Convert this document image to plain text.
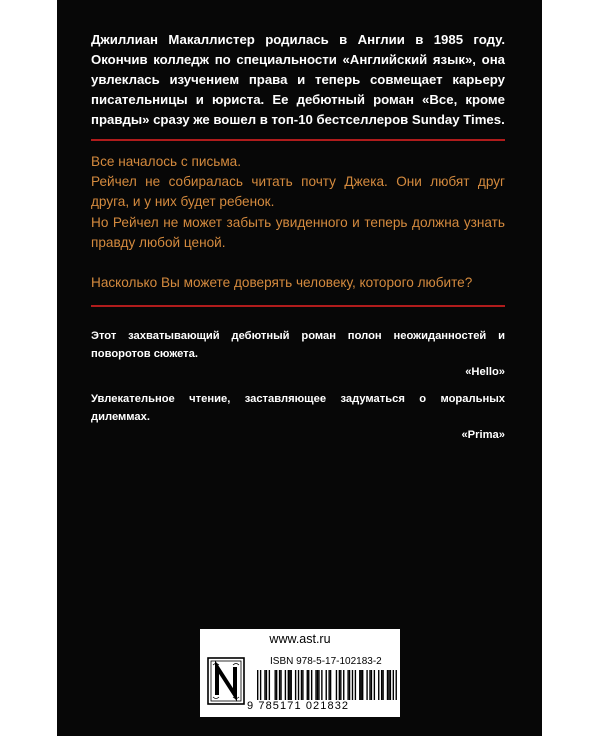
Джиллиан Макаллистер родилась в Англии в 1985 году. Окончив колледж по специальности «Английский язык», она увлеклась изучением права и теперь совмещает карьеру писательницы и юриста. Ее дебютный роман «Все, кроме правды» сразу же вошел в топ-10 бестселлеров Sunday Times.

Все началось с письма.

Рейчел не собиралась читать почту Джека. Они любят друг друга, и у них будет ребенок.

Но Рейчел не может забыть увиденного и теперь должна узнать правду любой ценой.

Насколько Вы можете доверять человеку, которого любите?

Этот захватывающий дебютный роман полон неожиданностей и поворотов сюжета.

«Hello»

Увлекательное чтение, заставляющее задуматься о моральных дилеммах.

«Prima»

www.ast.ru
ISBN 978-5-17-102183-2
9 785171 021832
